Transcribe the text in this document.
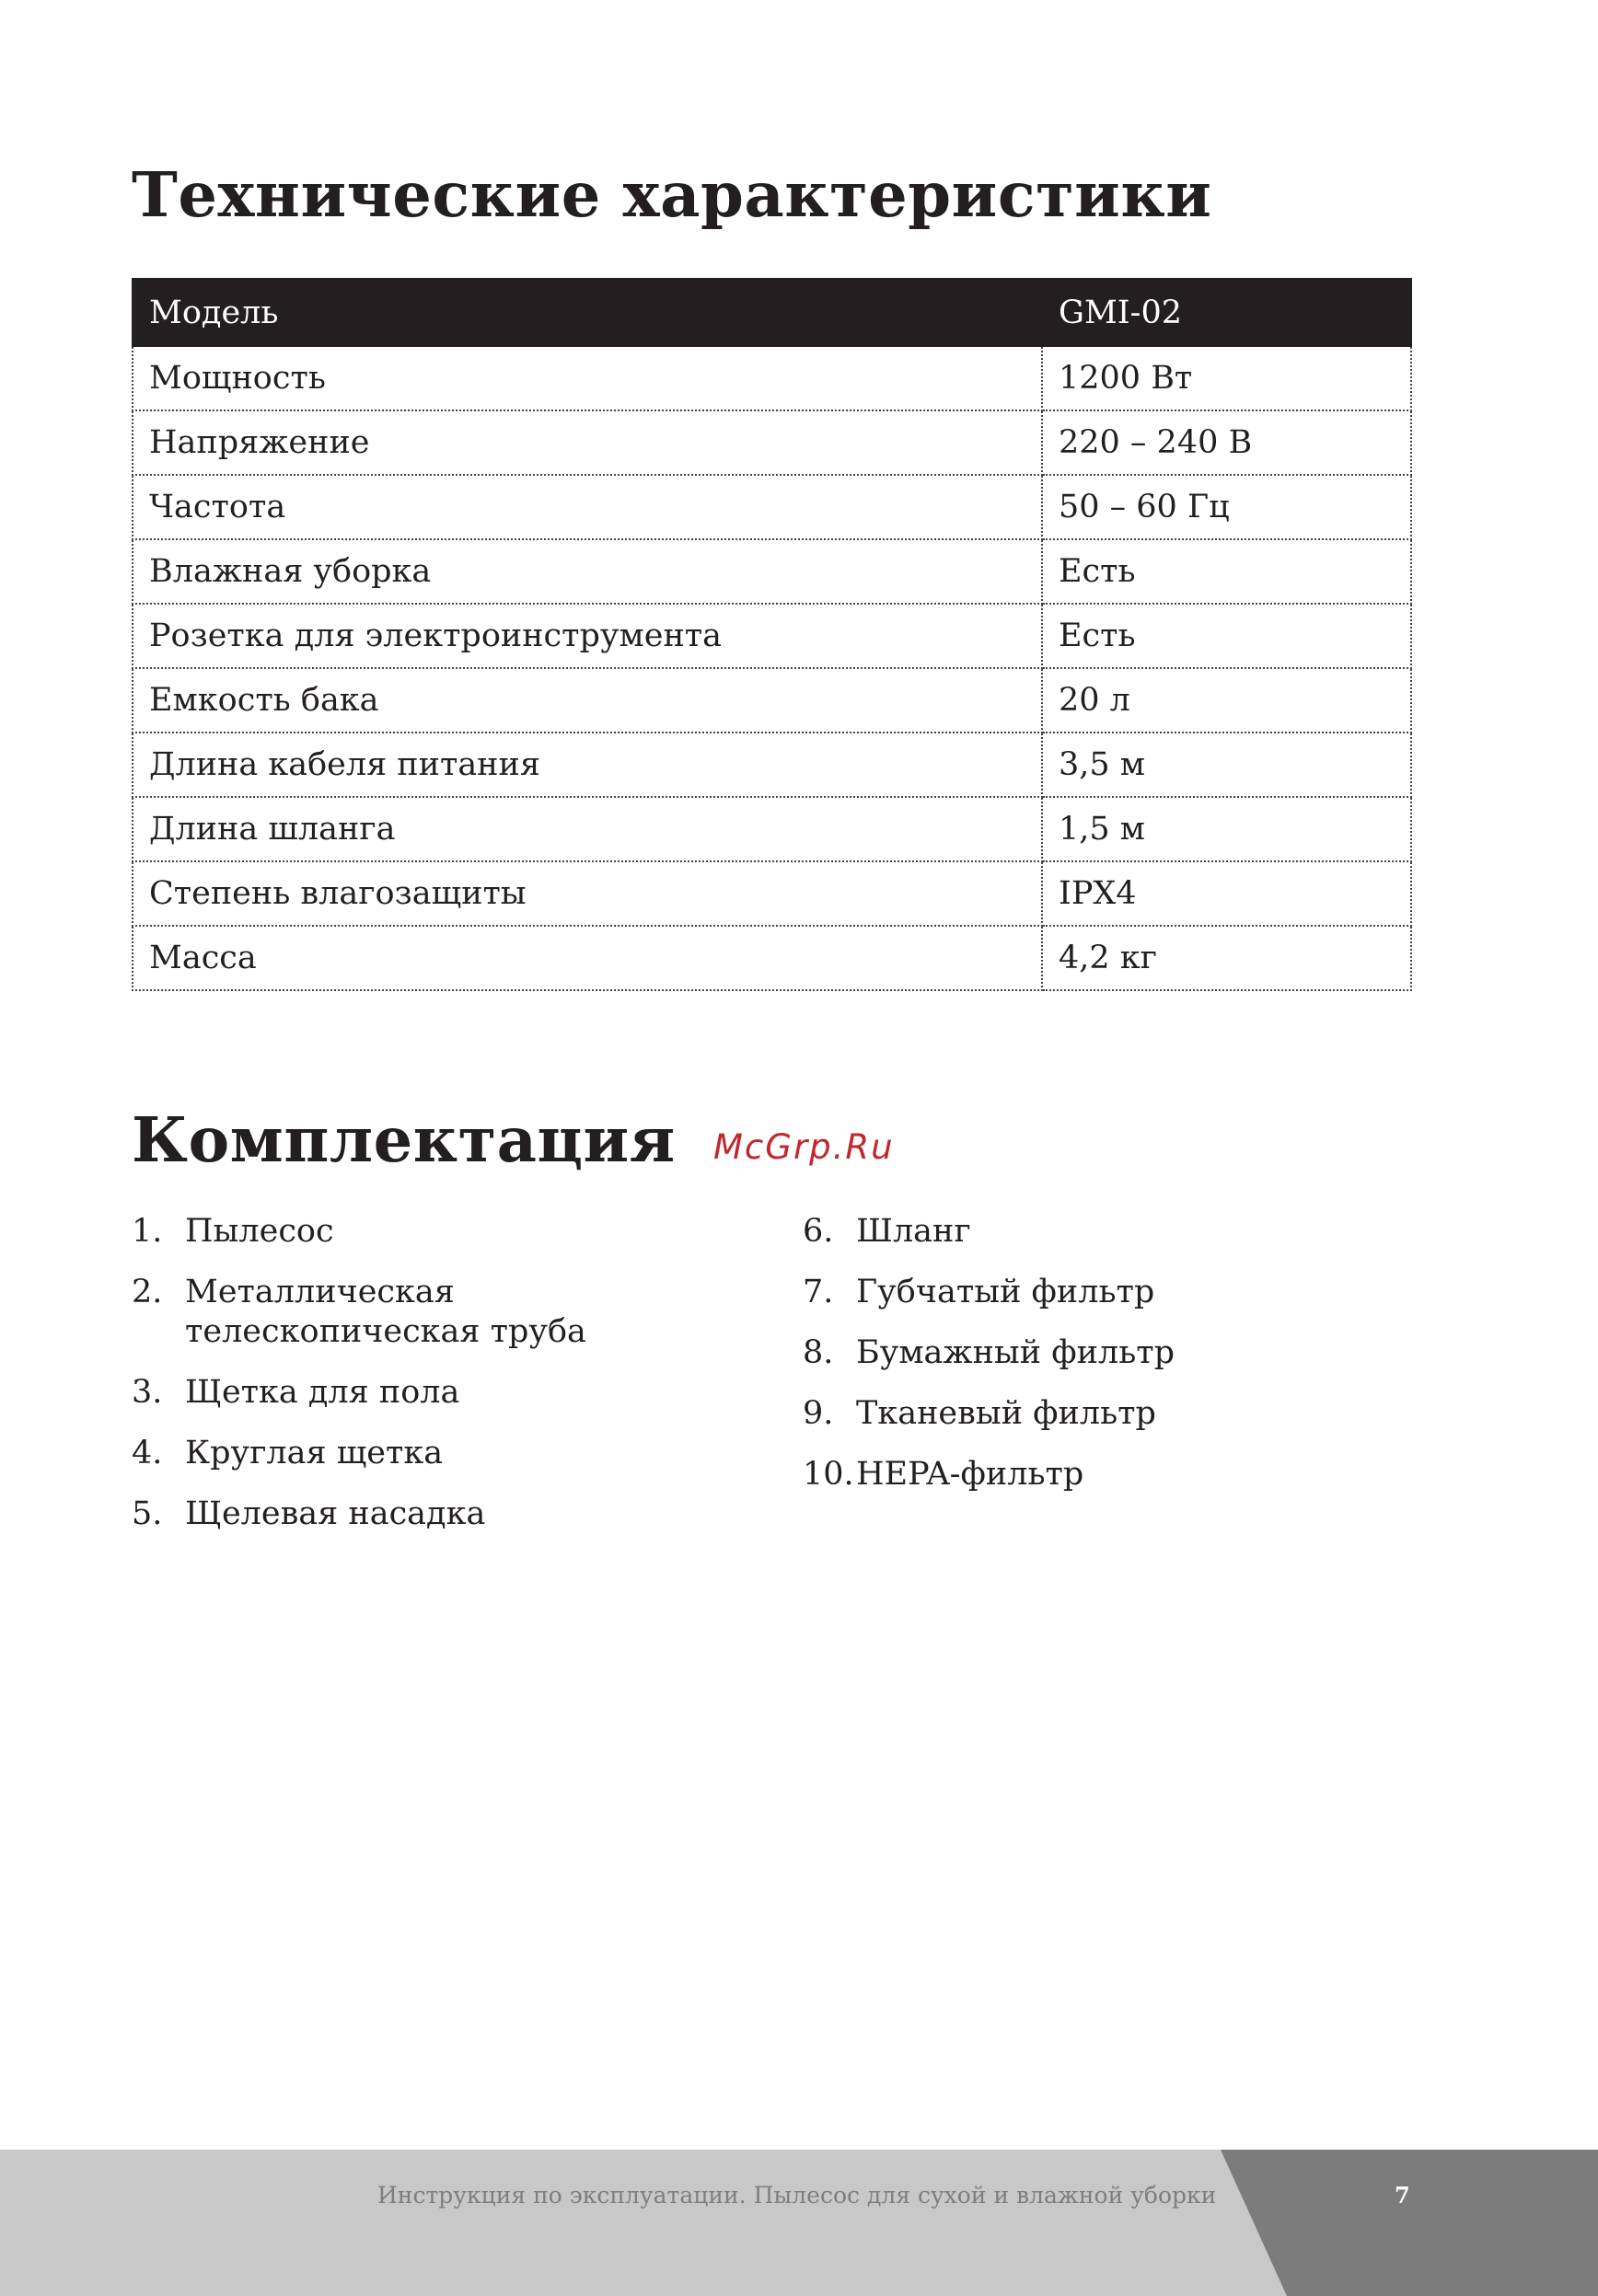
Технические характеристики
Модель	GMI-02
Мощность	1200 Вт
Напряжение	220 – 240 В
Частота	50 – 60 Гц
Влажная уборка	Есть
Розетка для электроинструмента	Есть
Емкость бака	20 л
Длина кабеля питания	3,5 м
Длина шланга	1,5 м
Степень влагозащиты	IPX4
Масса	4,2 кг
Комплектация McGrp.Ru
1. Пылесос
2. Металлическая телескопическая труба
3. Щетка для пола
4. Круглая щетка
5. Щелевая насадка
6. Шланг
7. Губчатый фильтр
8. Бумажный фильтр
9. Тканевый фильтр
10. HEPA-фильтр
Инструкция по эксплуатации. Пылесос для сухой и влажной уборки	7
